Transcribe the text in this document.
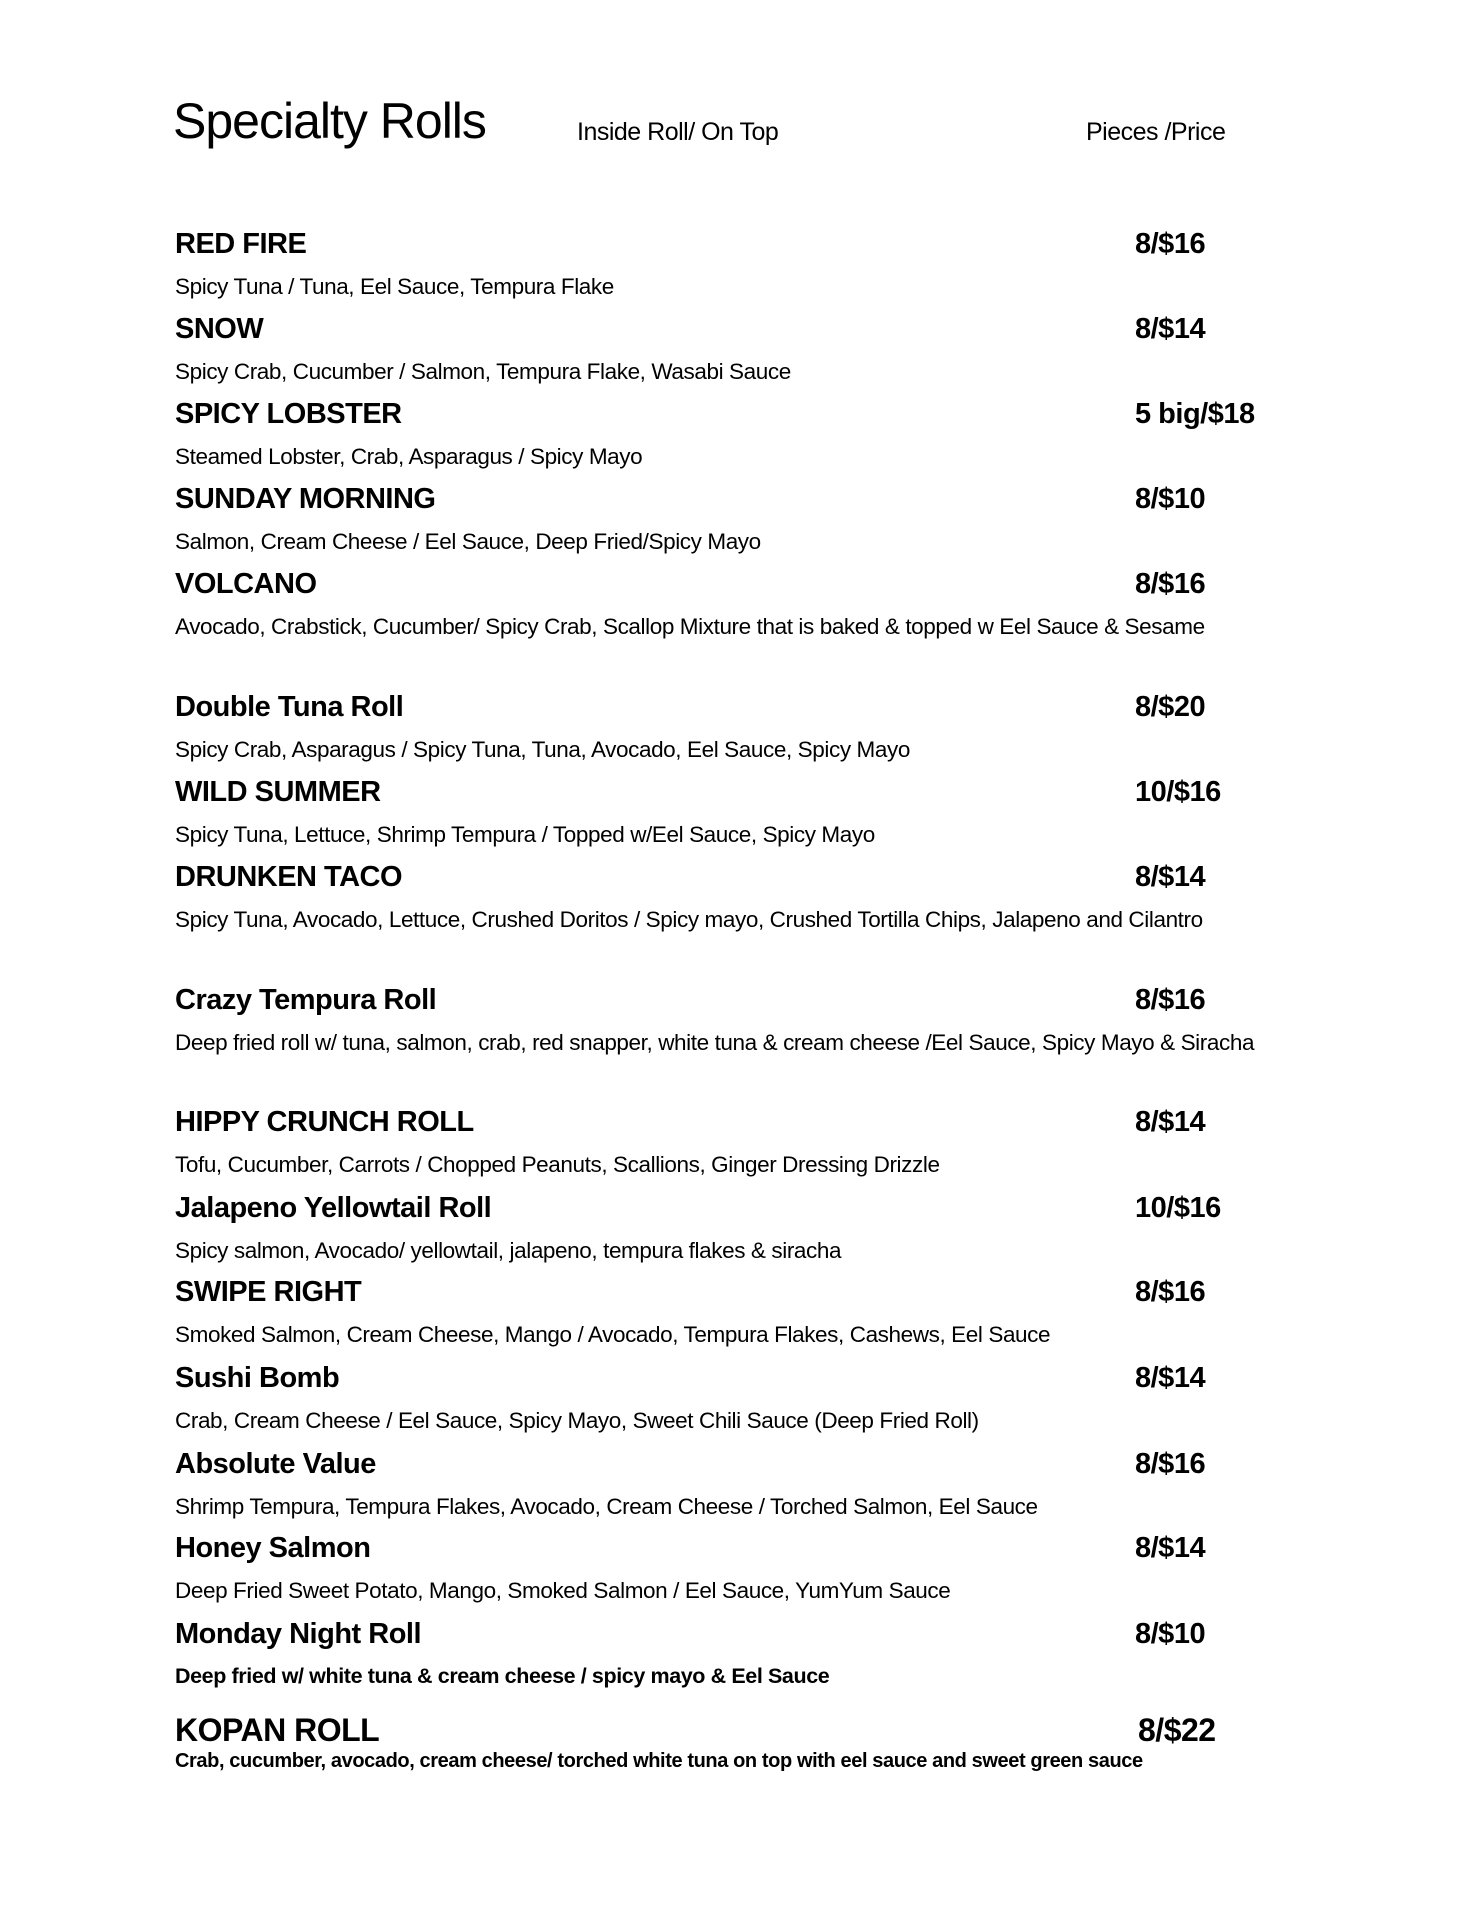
Specialty Rolls	Inside Roll/ On Top	Pieces /Price
RED FIRE	8/$16
Spicy Tuna / Tuna, Eel Sauce, Tempura Flake
SNOW	8/$14
Spicy Crab, Cucumber / Salmon, Tempura Flake, Wasabi Sauce
SPICY LOBSTER	5 big/$18
Steamed Lobster, Crab, Asparagus / Spicy Mayo
SUNDAY MORNING	8/$10
Salmon, Cream Cheese / Eel Sauce, Deep Fried/Spicy Mayo
VOLCANO	8/$16
Avocado, Crabstick, Cucumber/ Spicy Crab, Scallop Mixture that is baked & topped w Eel Sauce & Sesame
Double Tuna Roll	8/$20
Spicy Crab, Asparagus / Spicy Tuna, Tuna, Avocado, Eel Sauce, Spicy Mayo
WILD SUMMER	10/$16
Spicy Tuna, Lettuce, Shrimp Tempura / Topped w/Eel Sauce, Spicy Mayo
DRUNKEN TACO	8/$14
Spicy Tuna, Avocado, Lettuce, Crushed Doritos / Spicy mayo, Crushed Tortilla Chips, Jalapeno and Cilantro
Crazy Tempura Roll	8/$16
Deep fried roll w/ tuna, salmon, crab, red snapper, white tuna & cream cheese /Eel Sauce, Spicy Mayo & Siracha
HIPPY CRUNCH ROLL	8/$14
Tofu, Cucumber, Carrots / Chopped Peanuts, Scallions, Ginger Dressing Drizzle
Jalapeno Yellowtail Roll	10/$16
Spicy salmon, Avocado/ yellowtail, jalapeno, tempura flakes & siracha
SWIPE RIGHT	8/$16
Smoked Salmon, Cream Cheese, Mango / Avocado, Tempura Flakes, Cashews, Eel Sauce
Sushi Bomb	8/$14
Crab, Cream Cheese / Eel Sauce, Spicy Mayo, Sweet Chili Sauce (Deep Fried Roll)
Absolute Value	8/$16
Shrimp Tempura, Tempura Flakes, Avocado, Cream Cheese / Torched Salmon, Eel Sauce
Honey Salmon	8/$14
Deep Fried Sweet Potato, Mango, Smoked Salmon / Eel Sauce, YumYum Sauce
Monday Night Roll	8/$10
Deep fried w/ white tuna & cream cheese / spicy mayo & Eel Sauce
KOPAN ROLL	8/$22
Crab, cucumber, avocado, cream cheese/ torched white tuna on top with eel sauce and sweet green sauce
